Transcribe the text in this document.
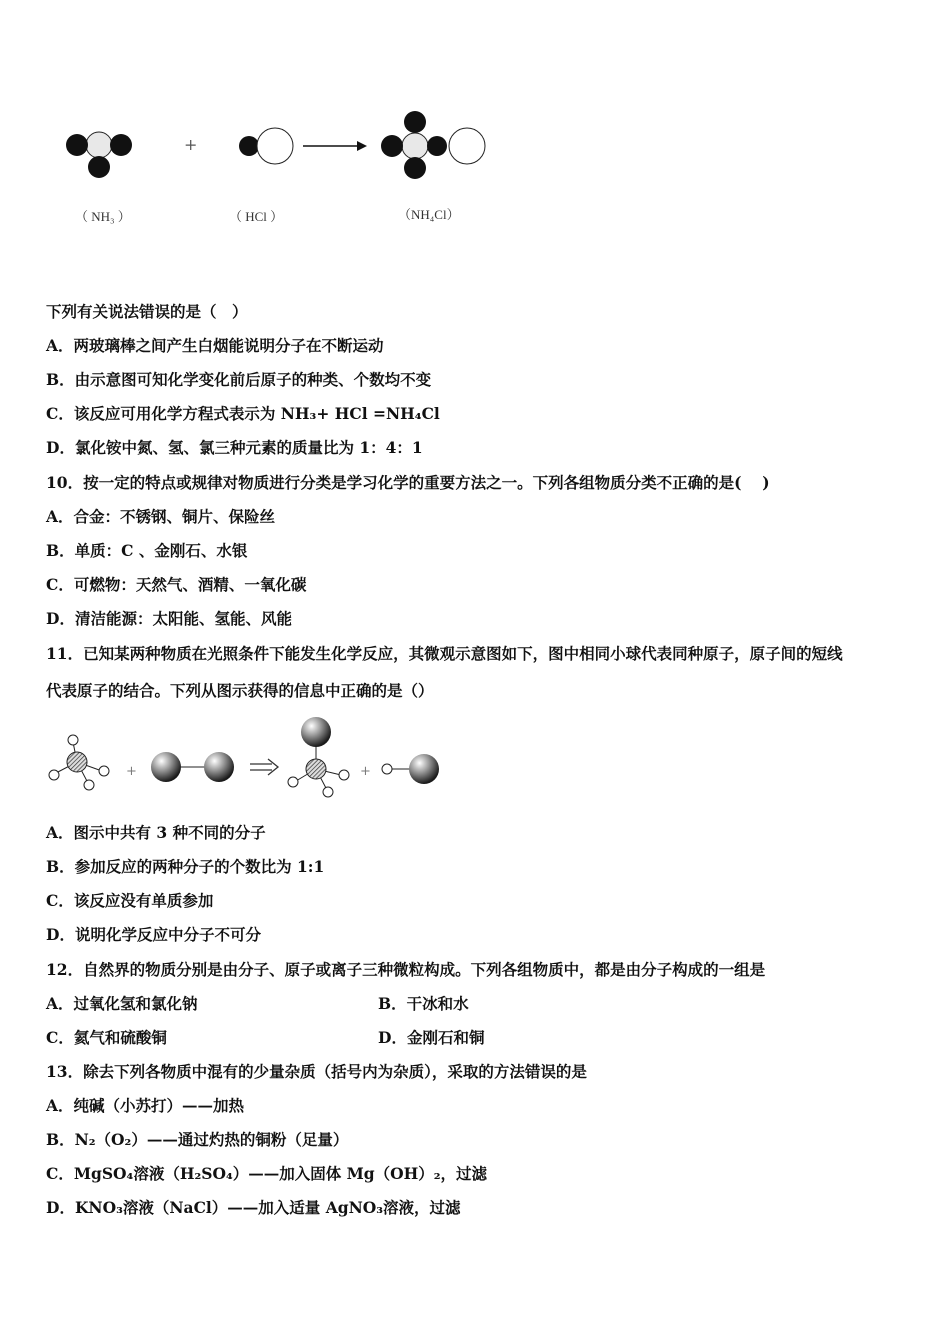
+
（ NH₃ ）	（ HCl ）	（NH₄Cl）
下列有关说法错误的是（　）
A．两玻璃棒之间产生白烟能说明分子在不断运动
B．由示意图可知化学变化前后原子的种类、个数均不变
C．该反应可用化学方程式表示为 NH₃+ HCl =NH₄Cl
D．氯化铵中氮、氢、氯三种元素的质量比为 1：4：1
10．按一定的特点或规律对物质进行分类是学习化学的重要方法之一。下列各组物质分类不正确的是(　 )
A．合金：不锈钢、铜片、保险丝
B．单质：C 、金刚石、水银
C．可燃物：天然气、酒精、一氧化碳
D．清洁能源：太阳能、氢能、风能
11．已知某两种物质在光照条件下能发生化学反应，其微观示意图如下，图中相同小球代表同种原子，原子间的短线
代表原子的结合。下列从图示获得的信息中正确的是（）
+	+
A．图示中共有 3 种不同的分子
B．参加反应的两种分子的个数比为 1:1
C．该反应没有单质参加
D．说明化学反应中分子不可分
12．自然界的物质分别是由分子、原子或离子三种微粒构成。下列各组物质中，都是由分子构成的一组是
A．过氧化氢和氯化钠	B．干冰和水
C．氦气和硫酸铜	D．金刚石和铜
13．除去下列各物质中混有的少量杂质（括号内为杂质），采取的方法错误的是
A．纯碱（小苏打）——加热
B．N₂（O₂）——通过灼热的铜粉（足量）
C．MgSO₄溶液（H₂SO₄）——加入固体 Mg（OH）₂，过滤
D．KNO₃溶液（NaCl）——加入适量 AgNO₃溶液，过滤
